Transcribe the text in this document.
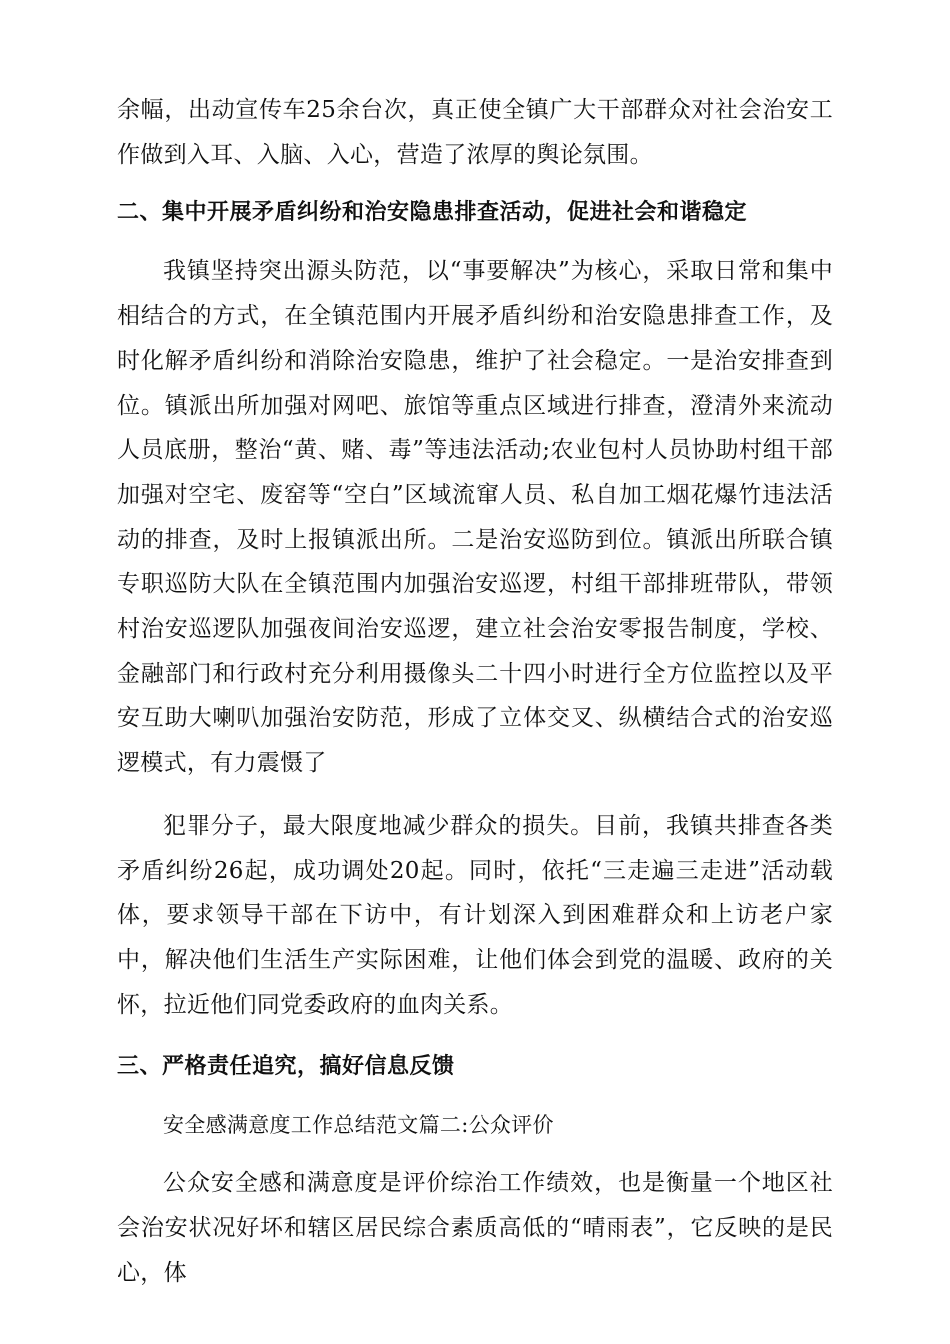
余幅，出动宣传车25余台次，真正使全镇广大干部群众对社会治安工作做到入耳、入脑、入心，营造了浓厚的舆论氛围。

二、集中开展矛盾纠纷和治安隐患排查活动，促进社会和谐稳定

我镇坚持突出源头防范，以“事要解决”为核心，采取日常和集中相结合的方式，在全镇范围内开展矛盾纠纷和治安隐患排查工作，及时化解矛盾纠纷和消除治安隐患，维护了社会稳定。一是治安排查到位。镇派出所加强对网吧、旅馆等重点区域进行排查，澄清外来流动人员底册，整治“黄、赌、毒”等违法活动;农业包村人员协助村组干部加强对空宅、废窑等“空白”区域流窜人员、私自加工烟花爆竹违法活动的排查，及时上报镇派出所。二是治安巡防到位。镇派出所联合镇专职巡防大队在全镇范围内加强治安巡逻，村组干部排班带队，带领村治安巡逻队加强夜间治安巡逻，建立社会治安零报告制度，学校、金融部门和行政村充分利用摄像头二十四小时进行全方位监控以及平安互助大喇叭加强治安防范，形成了立体交叉、纵横结合式的治安巡逻模式，有力震慑了

犯罪分子，最大限度地减少群众的损失。目前，我镇共排查各类矛盾纠纷26起，成功调处20起。同时，依托“三走遍三走进”活动载体，要求领导干部在下访中，有计划深入到困难群众和上访老户家中，解决他们生活生产实际困难，让他们体会到党的温暖、政府的关怀，拉近他们同党委政府的血肉关系。

三、严格责任追究，搞好信息反馈

安全感满意度工作总结范文篇二:公众评价

公众安全感和满意度是评价综治工作绩效，也是衡量一个地区社会治安状况好坏和辖区居民综合素质高低的“晴雨表”，它反映的是民心，体
